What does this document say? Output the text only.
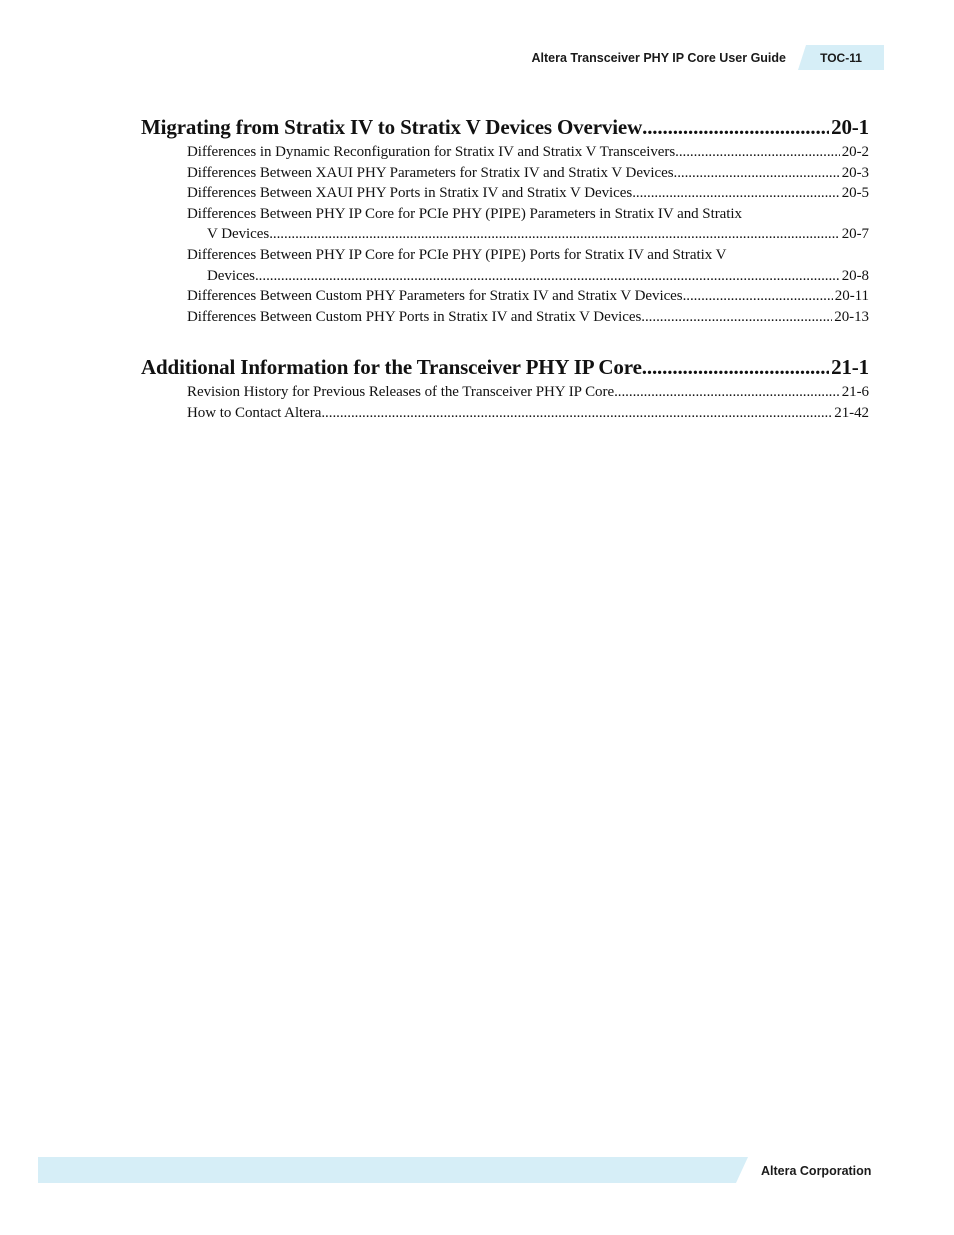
Altera Transceiver PHY IP Core User Guide	TOC-11
Migrating from Stratix IV to Stratix V Devices Overview .....	20-1
Differences in Dynamic Reconfiguration for Stratix IV and Stratix V Transceivers .....	20-2
Differences Between XAUI PHY Parameters for Stratix IV and Stratix V Devices .....	20-3
Differences Between XAUI PHY Ports in Stratix IV and Stratix V Devices .....	20-5
Differences Between PHY IP Core for PCIe PHY (PIPE) Parameters in Stratix IV and Stratix
V Devices .....	20-7
Differences Between PHY IP Core for PCIe PHY (PIPE) Ports for Stratix IV and Stratix V
Devices .....	20-8
Differences Between Custom PHY Parameters for Stratix IV and Stratix V Devices .....	20-11
Differences Between Custom PHY Ports in Stratix IV and Stratix V Devices .....	20-13
Additional Information for the Transceiver PHY IP Core .....	21-1
Revision History for Previous Releases of the Transceiver PHY IP Core .....	21-6
How to Contact Altera .....	21-42
Altera Corporation
